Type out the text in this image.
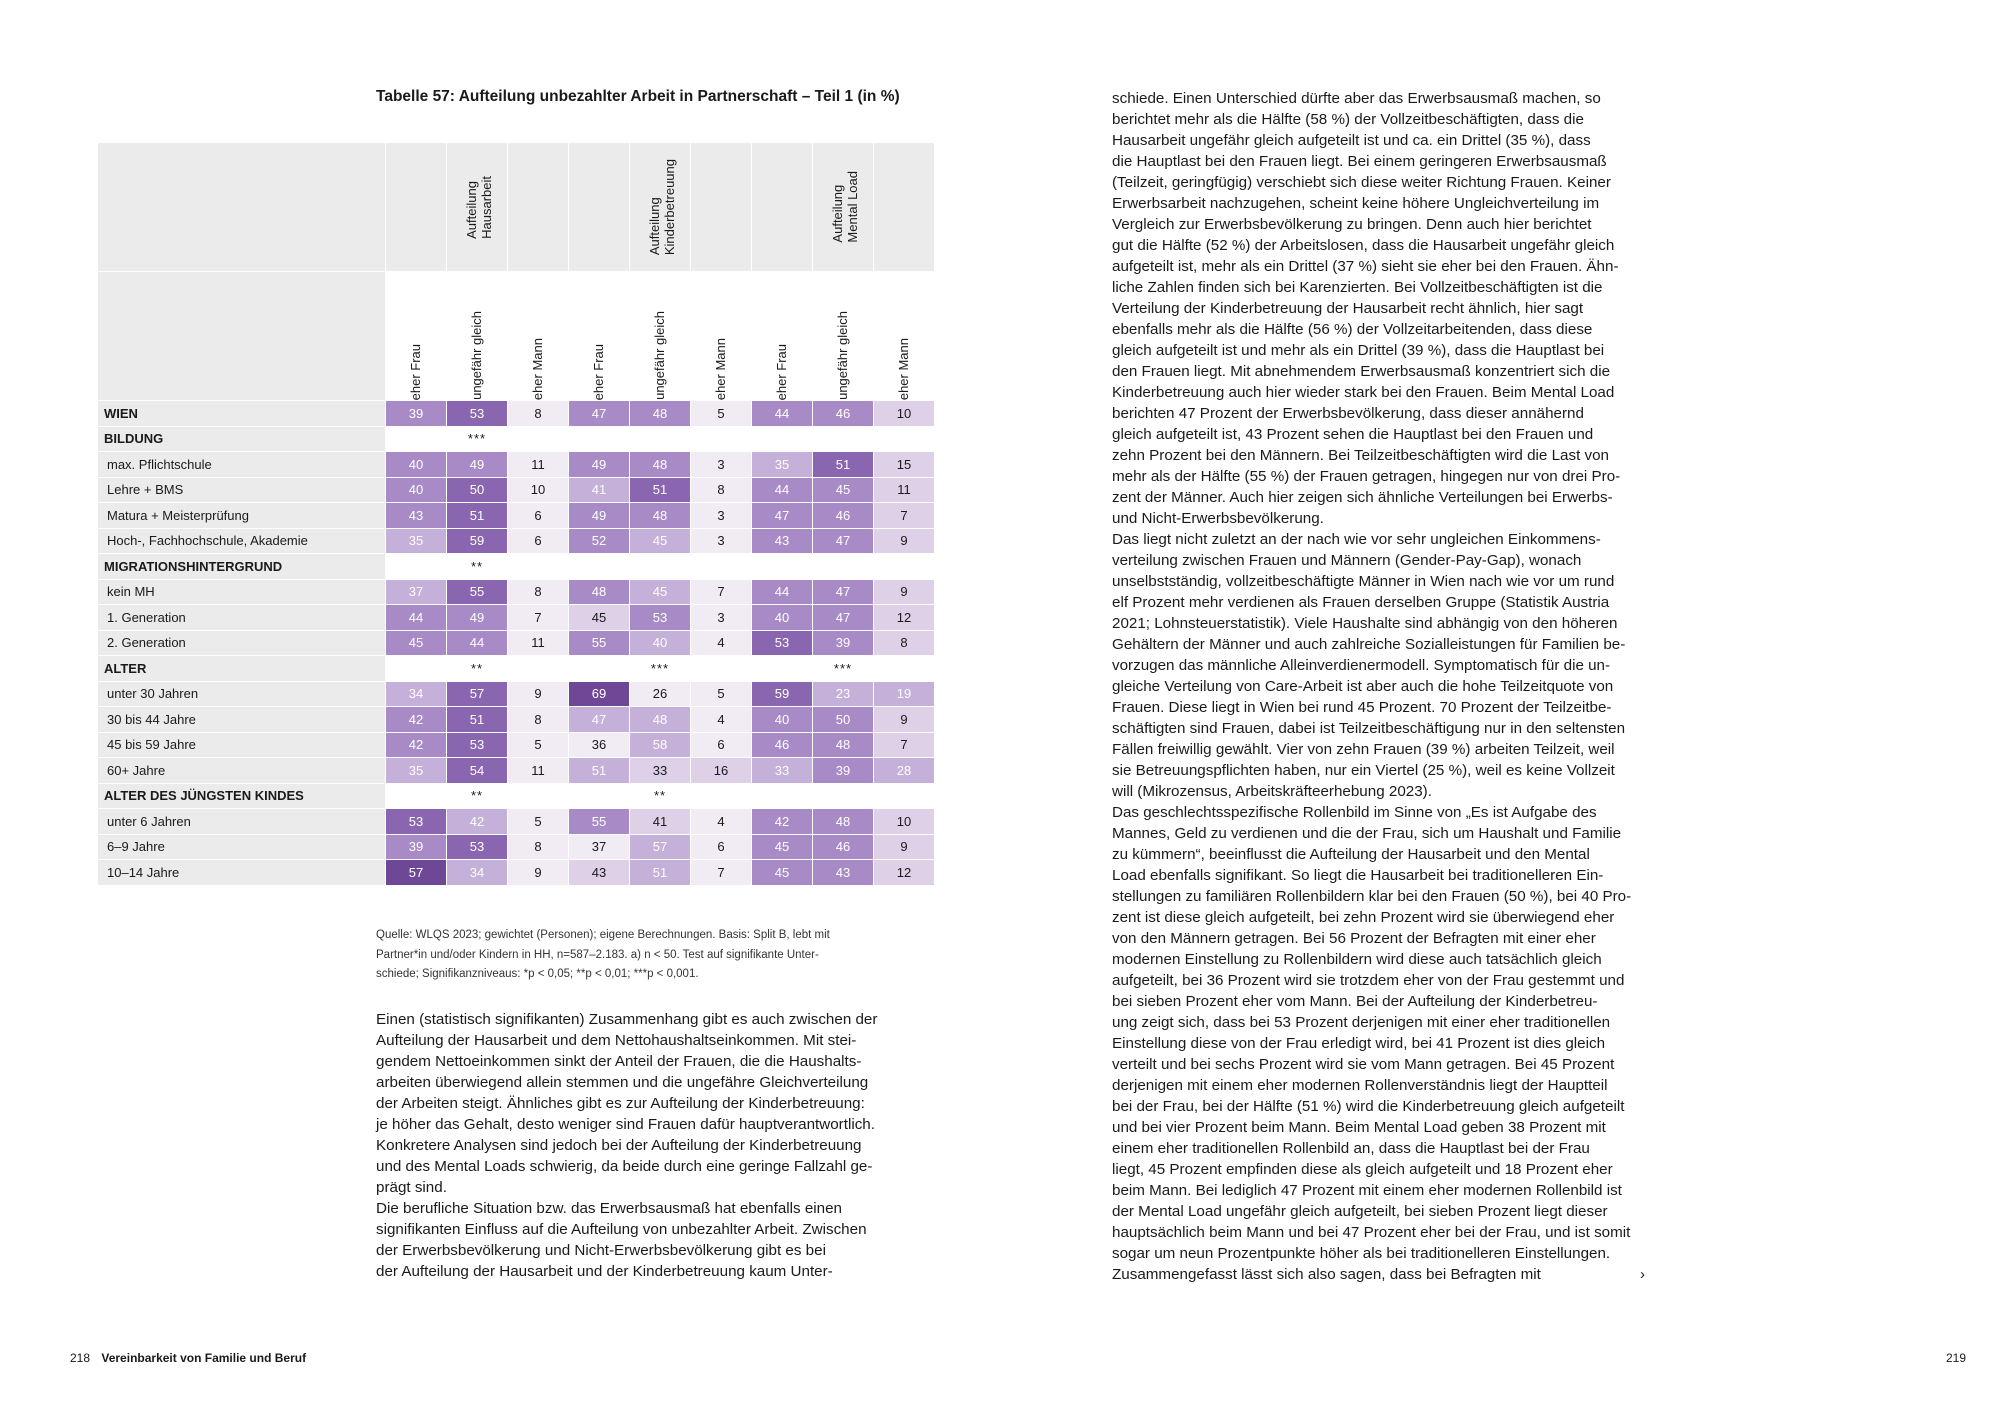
Tabelle 57: Aufteilung unbezahlter Arbeit in Partnerschaft – Teil 1 (in %)

		Aufteilung
Hausarbeit			Aufteilung
Kinderbetreuung			Aufteilung
Mental Load	

	eher Frau	ungefähr gleich	eher Mann	eher Frau	ungefähr gleich	eher Mann	eher Frau	ungefähr gleich	eher Mann

WIEN	39	53	8	47	48	5	44	46	10
BILDUNG		***							
max. Pflichtschule	40	49	11	49	48	3	35	51	15
Lehre + BMS	40	50	10	41	51	8	44	45	11
Matura + Meisterprüfung	43	51	6	49	48	3	47	46	7
Hoch-, Fachhochschule, Akademie	35	59	6	52	45	3	43	47	9
MIGRATIONSHINTERGRUND		**							
kein MH	37	55	8	48	45	7	44	47	9
1. Generation	44	49	7	45	53	3	40	47	12
2. Generation	45	44	11	55	40	4	53	39	8
ALTER		**			***			***	
unter 30 Jahren	34	57	9	69	26	5	59	23	19
30 bis 44 Jahre	42	51	8	47	48	4	40	50	9
45 bis 59 Jahre	42	53	5	36	58	6	46	48	7
60+ Jahre	35	54	11	51	33	16	33	39	28
ALTER DES JÜNGSTEN KINDES		**			**				
unter 6 Jahren	53	42	5	55	41	4	42	48	10
6–9 Jahre	39	53	8	37	57	6	45	46	9
10–14 Jahre	57	34	9	43	51	7	45	43	12
Quelle: WLQS 2023; gewichtet (Personen); eigene Berechnungen. Basis: Split B, lebt mit
Partner*in und/oder Kindern in HH, n=587–2.183. a) n < 50. Test auf signifikante Unter-
schiede; Signifikanzniveaus: *p < 0,05; **p < 0,01; ***p < 0,001.

Einen (statistisch signifikanten) Zusammenhang gibt es auch zwischen der

Aufteilung der Hausarbeit und dem Nettohaushaltseinkommen. Mit stei-

gendem Nettoeinkommen sinkt der Anteil der Frauen, die die Haushalts-

arbeiten überwiegend allein stemmen und die ungefähre Gleichverteilung

der Arbeiten steigt. Ähnliches gibt es zur Aufteilung der Kinderbetreuung:

je höher das Gehalt, desto weniger sind Frauen dafür hauptverantwortlich.

Konkretere Analysen sind jedoch bei der Aufteilung der Kinderbetreuung

und des Mental Loads schwierig, da beide durch eine geringe Fallzahl ge-

prägt sind.

Die berufliche Situation bzw. das Erwerbsausmaß hat ebenfalls einen

signifikanten Einfluss auf die Aufteilung von unbezahlter Arbeit. Zwischen

der Erwerbsbevölkerung und Nicht-Erwerbsbevölkerung gibt es bei

der Aufteilung der Hausarbeit und der Kinderbetreuung kaum Unter-

schiede. Einen Unterschied dürfte aber das Erwerbsausmaß machen, so

berichtet mehr als die Hälfte (58 %) der Vollzeitbeschäftigten, dass die

Hausarbeit ungefähr gleich aufgeteilt ist und ca. ein Drittel (35 %), dass

die Hauptlast bei den Frauen liegt. Bei einem geringeren Erwerbsausmaß

(Teilzeit, geringfügig) verschiebt sich diese weiter Richtung Frauen. Keiner

Erwerbsarbeit nachzugehen, scheint keine höhere Ungleichverteilung im

Vergleich zur Erwerbsbevölkerung zu bringen. Denn auch hier berichtet

gut die Hälfte (52 %) der Arbeitslosen, dass die Hausarbeit ungefähr gleich

aufgeteilt ist, mehr als ein Drittel (37 %) sieht sie eher bei den Frauen. Ähn-

liche Zahlen finden sich bei Karenzierten. Bei Vollzeitbeschäftigten ist die

Verteilung der Kinderbetreuung der Hausarbeit recht ähnlich, hier sagt

ebenfalls mehr als die Hälfte (56 %) der Vollzeitarbeitenden, dass diese

gleich aufgeteilt ist und mehr als ein Drittel (39 %), dass die Hauptlast bei

den Frauen liegt. Mit abnehmendem Erwerbsausmaß konzentriert sich die

Kinderbetreuung auch hier wieder stark bei den Frauen. Beim Mental Load

berichten 47 Prozent der Erwerbsbevölkerung, dass dieser annähernd

gleich aufgeteilt ist, 43 Prozent sehen die Hauptlast bei den Frauen und

zehn Prozent bei den Männern. Bei Teilzeitbeschäftigten wird die Last von

mehr als der Hälfte (55 %) der Frauen getragen, hingegen nur von drei Pro-

zent der Männer. Auch hier zeigen sich ähnliche Verteilungen bei Erwerbs-

und Nicht-Erwerbsbevölkerung.

Das liegt nicht zuletzt an der nach wie vor sehr ungleichen Einkommens-

verteilung zwischen Frauen und Männern (Gender-Pay-Gap), wonach

unselbstständig, vollzeitbeschäftigte Männer in Wien nach wie vor um rund

elf Prozent mehr verdienen als Frauen derselben Gruppe (Statistik Austria

2021; Lohnsteuerstatistik). Viele Haushalte sind abhängig von den höheren

Gehältern der Männer und auch zahlreiche Sozialleistungen für Familien be-

vorzugen das männliche Alleinverdienermodell. Symptomatisch für die un-

gleiche Verteilung von Care-Arbeit ist aber auch die hohe Teilzeitquote von

Frauen. Diese liegt in Wien bei rund 45 Prozent. 70 Prozent der Teilzeitbe-

schäftigten sind Frauen, dabei ist Teilzeitbeschäftigung nur in den seltensten

Fällen freiwillig gewählt. Vier von zehn Frauen (39 %) arbeiten Teilzeit, weil

sie Betreuungspflichten haben, nur ein Viertel (25 %), weil es keine Vollzeit

will (Mikrozensus, Arbeitskräfteerhebung 2023).

Das geschlechtsspezifische Rollenbild im Sinne von „Es ist Aufgabe des

Mannes, Geld zu verdienen und die der Frau, sich um Haushalt und Familie

zu kümmern“, beeinflusst die Aufteilung der Hausarbeit und den Mental

Load ebenfalls signifikant. So liegt die Hausarbeit bei traditionelleren Ein-

stellungen zu familiären Rollenbildern klar bei den Frauen (50 %), bei 40 Pro-

zent ist diese gleich aufgeteilt, bei zehn Prozent wird sie überwiegend eher

von den Männern getragen. Bei 56 Prozent der Befragten mit einer eher

modernen Einstellung zu Rollenbildern wird diese auch tatsächlich gleich

aufgeteilt, bei 36 Prozent wird sie trotzdem eher von der Frau gestemmt und

bei sieben Prozent eher vom Mann. Bei der Aufteilung der Kinderbetreu-

ung zeigt sich, dass bei 53 Prozent derjenigen mit einer eher traditionellen

Einstellung diese von der Frau erledigt wird, bei 41 Prozent ist dies gleich

verteilt und bei sechs Prozent wird sie vom Mann getragen. Bei 45 Prozent

derjenigen mit einem eher modernen Rollenverständnis liegt der Hauptteil

bei der Frau, bei der Hälfte (51 %) wird die Kinderbetreuung gleich aufgeteilt

und bei vier Prozent beim Mann. Beim Mental Load geben 38 Prozent mit

einem eher traditionellen Rollenbild an, dass die Hauptlast bei der Frau

liegt, 45 Prozent empfinden diese als gleich aufgeteilt und 18 Prozent eher

beim Mann. Bei lediglich 47 Prozent mit einem eher modernen Rollenbild ist

der Mental Load ungefähr gleich aufgeteilt, bei sieben Prozent liegt dieser

hauptsächlich beim Mann und bei 47 Prozent eher bei der Frau, und ist somit

sogar um neun Prozentpunkte höher als bei traditionelleren Einstellungen.

Zusammengefasst lässt sich also sagen, dass bei Befragten mit	›
218 Vereinbarkeit von Familie und Beruf	219
